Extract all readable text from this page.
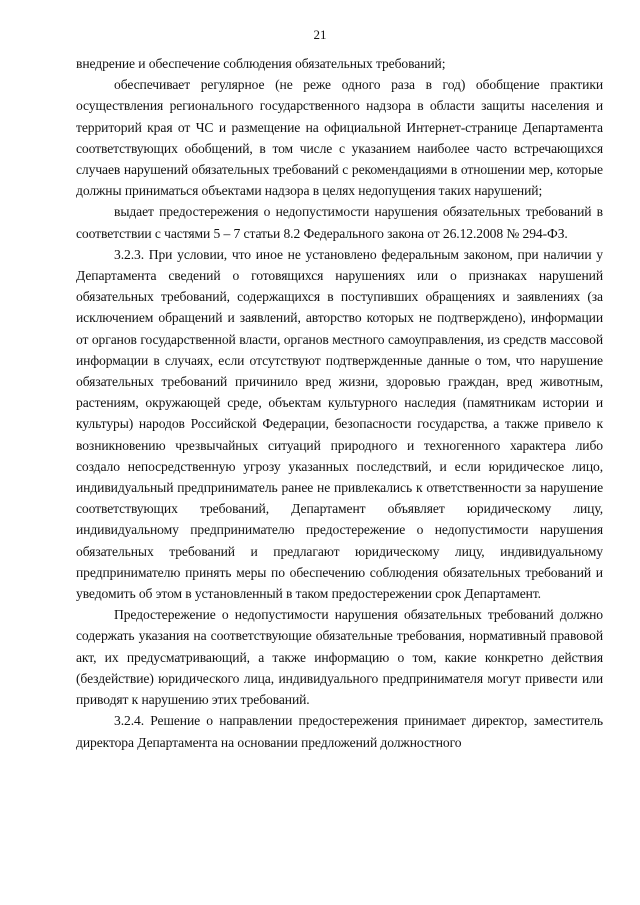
21

внедрение и обеспечение соблюдения обязательных требований;

обеспечивает регулярное (не реже одного раза в год) обобщение практики осуществления регионального государственного надзора в области защиты населения и территорий края от ЧС и размещение на официальной Интернет-странице Департамента соответствующих обобщений, в том числе с указанием наиболее часто встречающихся случаев нарушений обязательных требований с рекомендациями в отношении мер, которые должны приниматься объектами надзора в целях недопущения таких нарушений;

выдает предостережения о недопустимости нарушения обязательных требований в соответствии с частями 5 – 7 статьи 8.2 Федерального закона от 26.12.2008 № 294-ФЗ.

3.2.3. При условии, что иное не установлено федеральным законом, при наличии у Департамента сведений о готовящихся нарушениях или о признаках нарушений обязательных требований, содержащихся в поступивших обращениях и заявлениях (за исключением обращений и заявлений, авторство которых не подтверждено), информации от органов государственной власти, органов местного самоуправления, из средств массовой информации в случаях, если отсутствуют подтвержденные данные о том, что нарушение обязательных требований причинило вред жизни, здоровью граждан, вред животным, растениям, окружающей среде, объектам культурного наследия (памятникам истории и культуры) народов Российской Федерации, безопасности государства, а также привело к возникновению чрезвычайных ситуаций природного и техногенного характера либо создало непосредственную угрозу указанных последствий, и если юридическое лицо, индивидуальный предприниматель ранее не привлекались к ответственности за нарушение соответствующих требований, Департамент объявляет юридическому лицу, индивидуальному предпринимателю предостережение о недопустимости нарушения обязательных требований и предлагают юридическому лицу, индивидуальному предпринимателю принять меры по обеспечению соблюдения обязательных требований и уведомить об этом в установленный в таком предостережении срок Департамент.

Предостережение о недопустимости нарушения обязательных требований должно содержать указания на соответствующие обязательные требования, нормативный правовой акт, их предусматривающий, а также информацию о том, какие конкретно действия (бездействие) юридического лица, индивидуального предпринимателя могут привести или приводят к нарушению этих требований.

3.2.4. Решение о направлении предостережения принимает директор, заместитель директора Департамента на основании предложений должностного
